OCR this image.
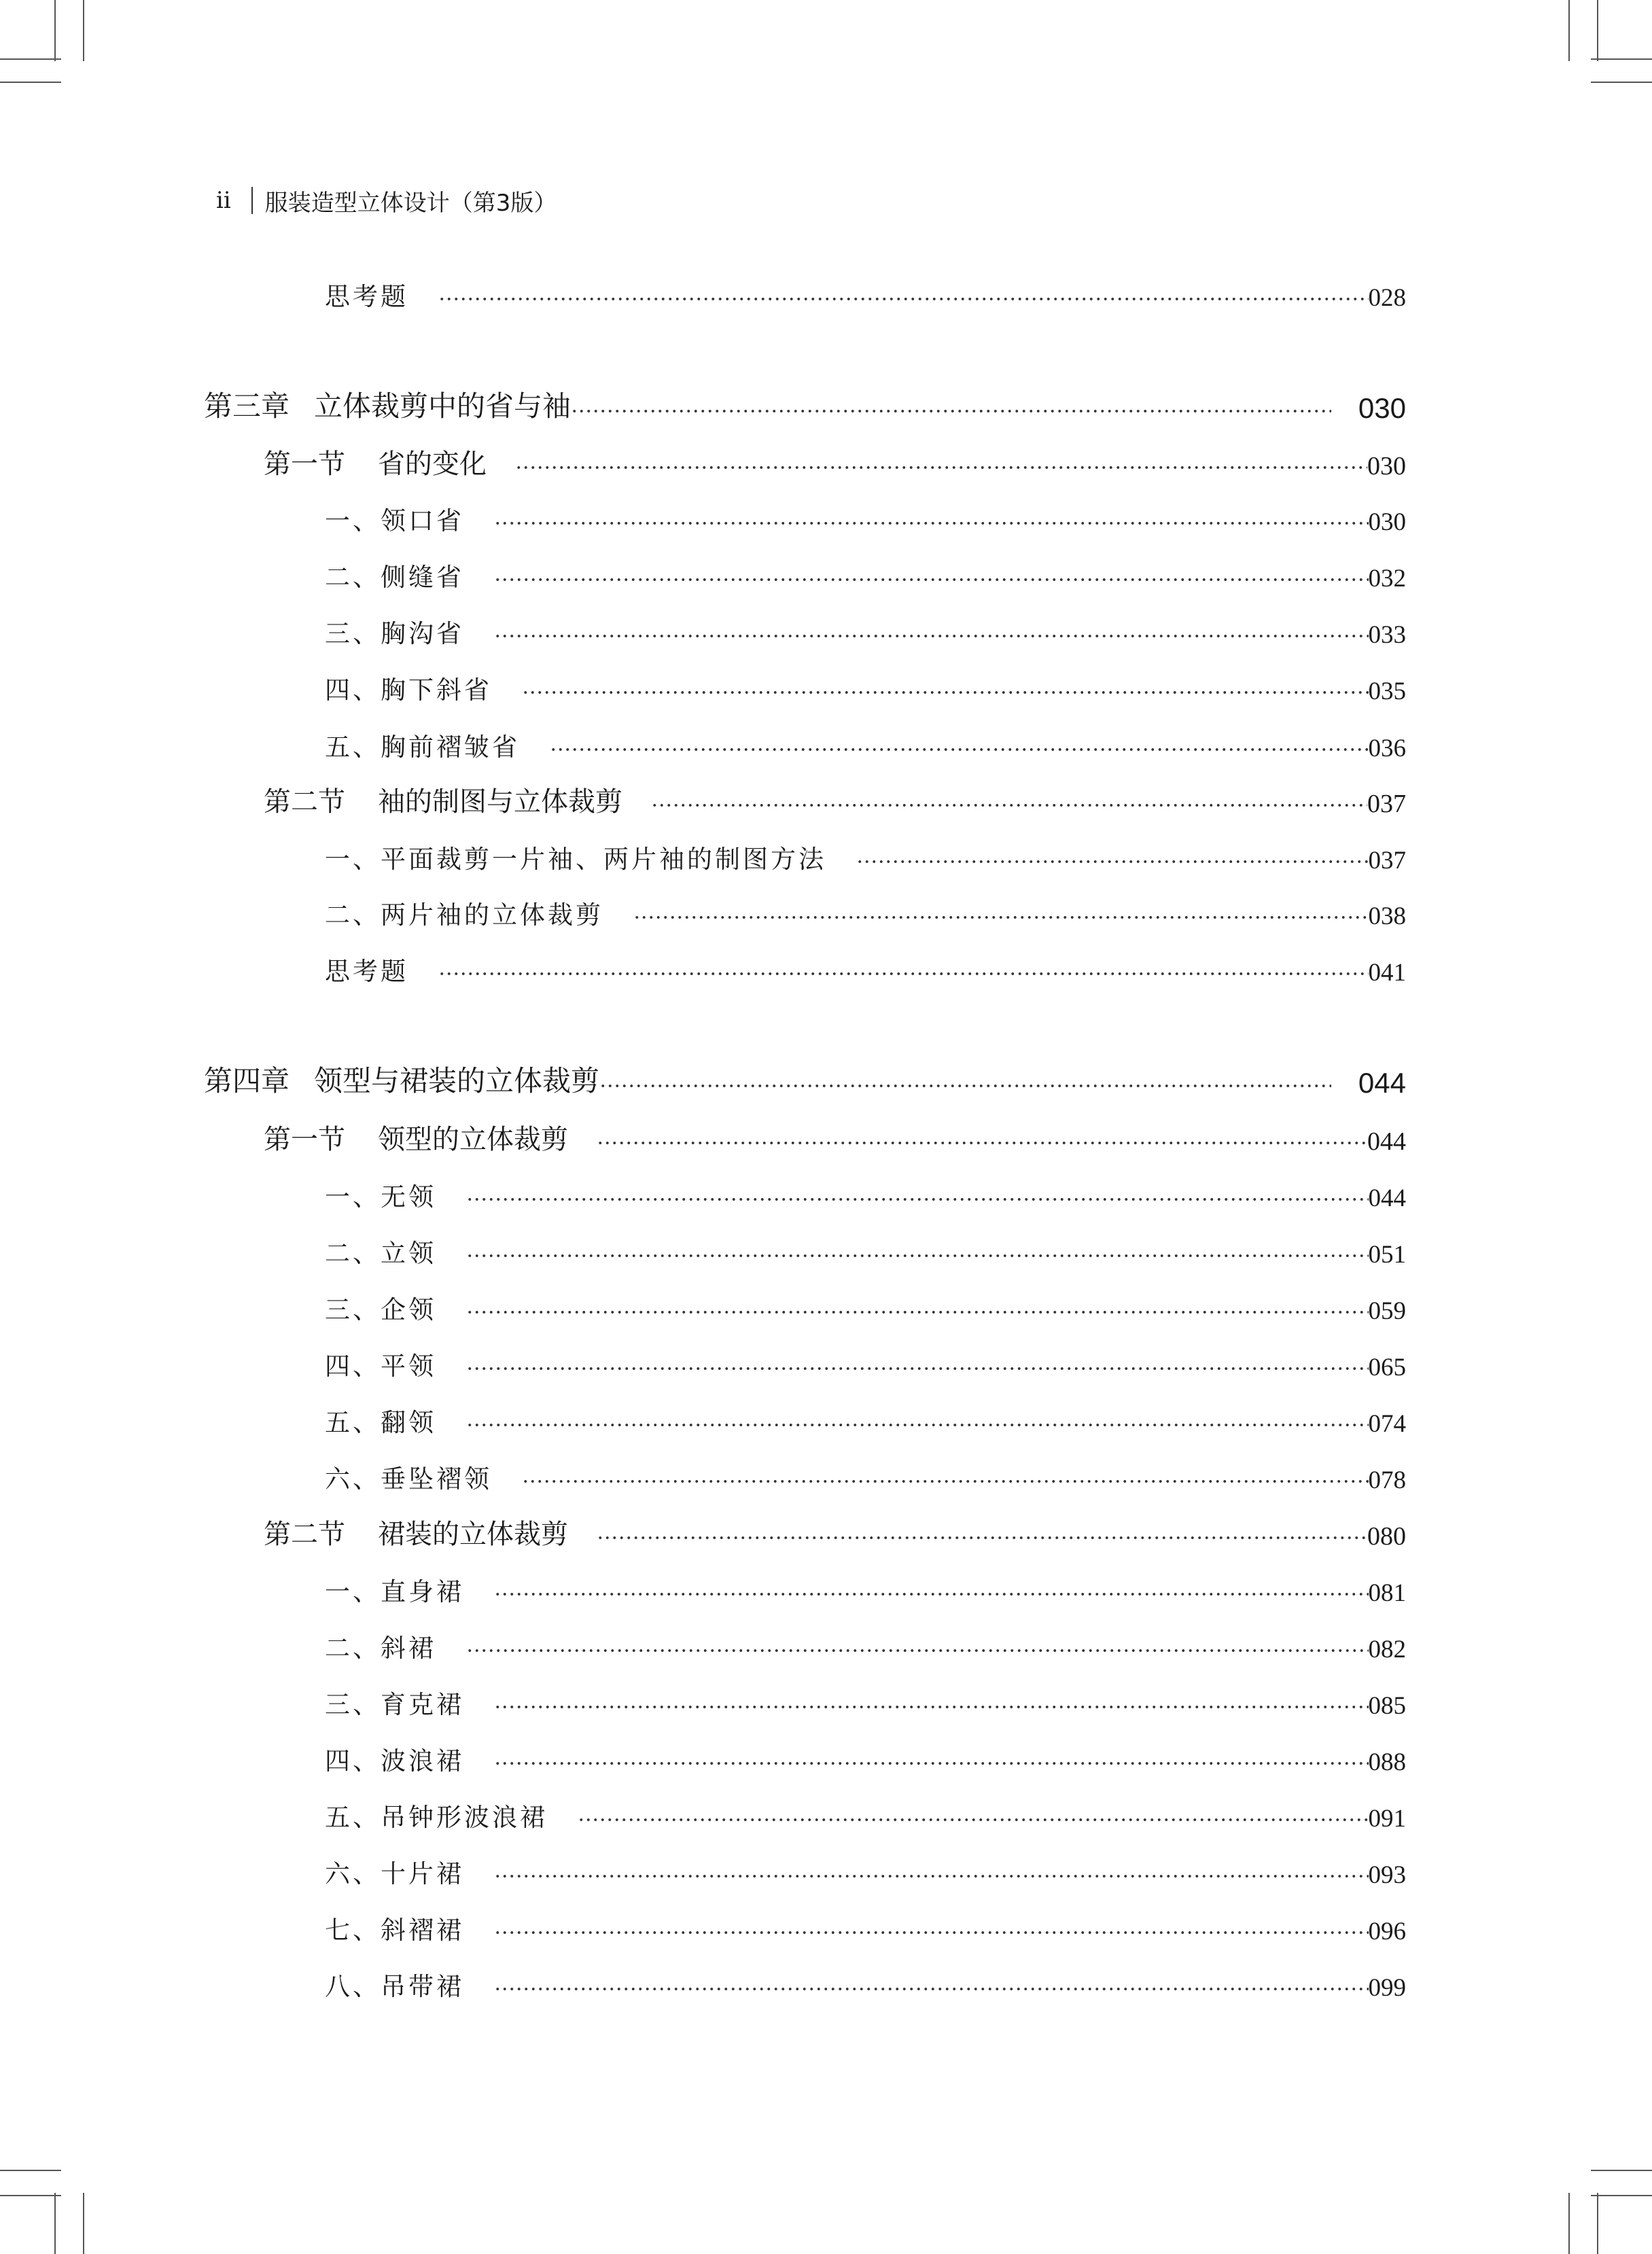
ii 服装造型立体设计（第3版）
思考题	028
第三章 立体裁剪中的省与袖	030
第一节 省的变化	030
一、领口省	030
二、侧缝省	032
三、胸沟省	033
四、胸下斜省	035
五、胸前褶皱省	036
第二节 袖的制图与立体裁剪	037
一、平面裁剪一片袖、两片袖的制图方法	037
二、两片袖的立体裁剪	038
思考题	041
第四章 领型与裙装的立体裁剪	044
第一节 领型的立体裁剪	044
一、无领	044
二、立领	051
三、企领	059
四、平领	065
五、翻领	074
六、垂坠褶领	078
第二节 裙装的立体裁剪	080
一、直身裙	081
二、斜裙	082
三、育克裙	085
四、波浪裙	088
五、吊钟形波浪裙	091
六、十片裙	093
七、斜褶裙	096
八、吊带裙	099
